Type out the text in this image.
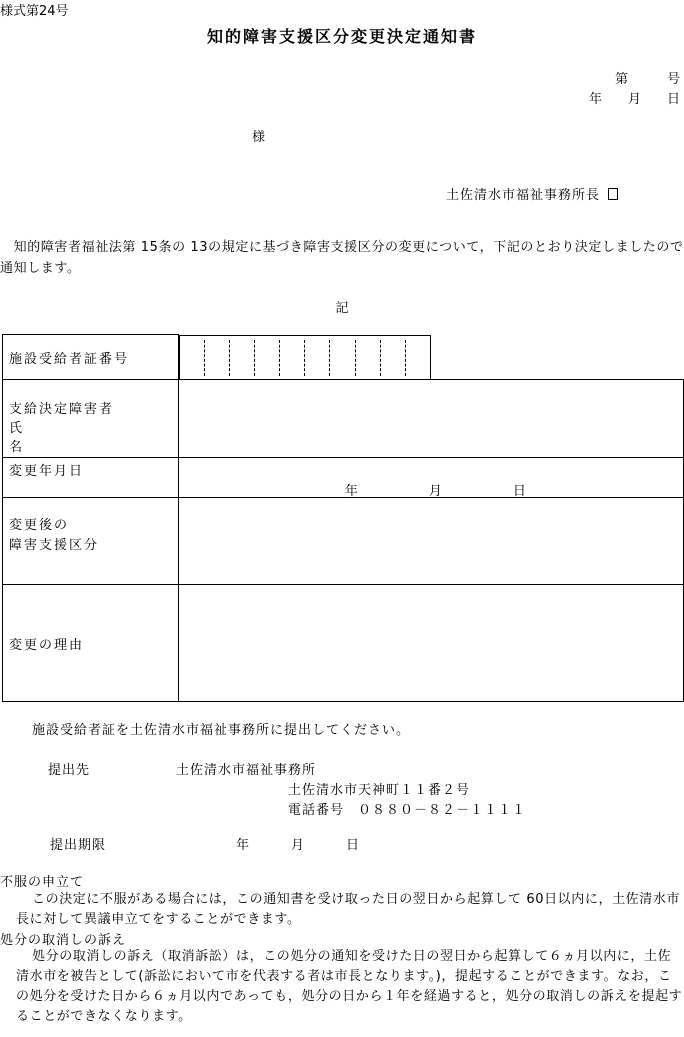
様式第24号
知的障害支援区分変更決定通知書
第　　　号
年　　月　　日
様
土佐清水市福祉事務所長
　知的障害者福祉法第 15条の 13の規定に基づき障害支援区分の変更について，下記のとおり決定しましたので通知します。
記
施設受給者証番号	

支給決定障害者
氏
名	

変更年月日	年 月 日

変更後の
障害支援区分	

変更の理由	
施設受給者証を土佐清水市福祉事務所に提出してください。
提出先	土佐清水市福祉事務所
土佐清水市天神町１１番２号
電話番号　０８８０－８２－１１１１
提出期限	年	月	日
不服の申立て
この決定に不服がある場合には，この通知書を受け取った日の翌日から起算して 60日以内に，土佐清水市長に対して異議申立てをすることができます。
処分の取消しの訴え
処分の取消しの訴え（取消訴訟）は，この処分の通知を受けた日の翌日から起算して６ヵ月以内に，土佐清水市を被告として(訴訟において市を代表する者は市長となります。)，提起することができます。なお，この処分を受けた日から６ヵ月以内であっても，処分の日から１年を経過すると，処分の取消しの訴えを提起することができなくなります。
